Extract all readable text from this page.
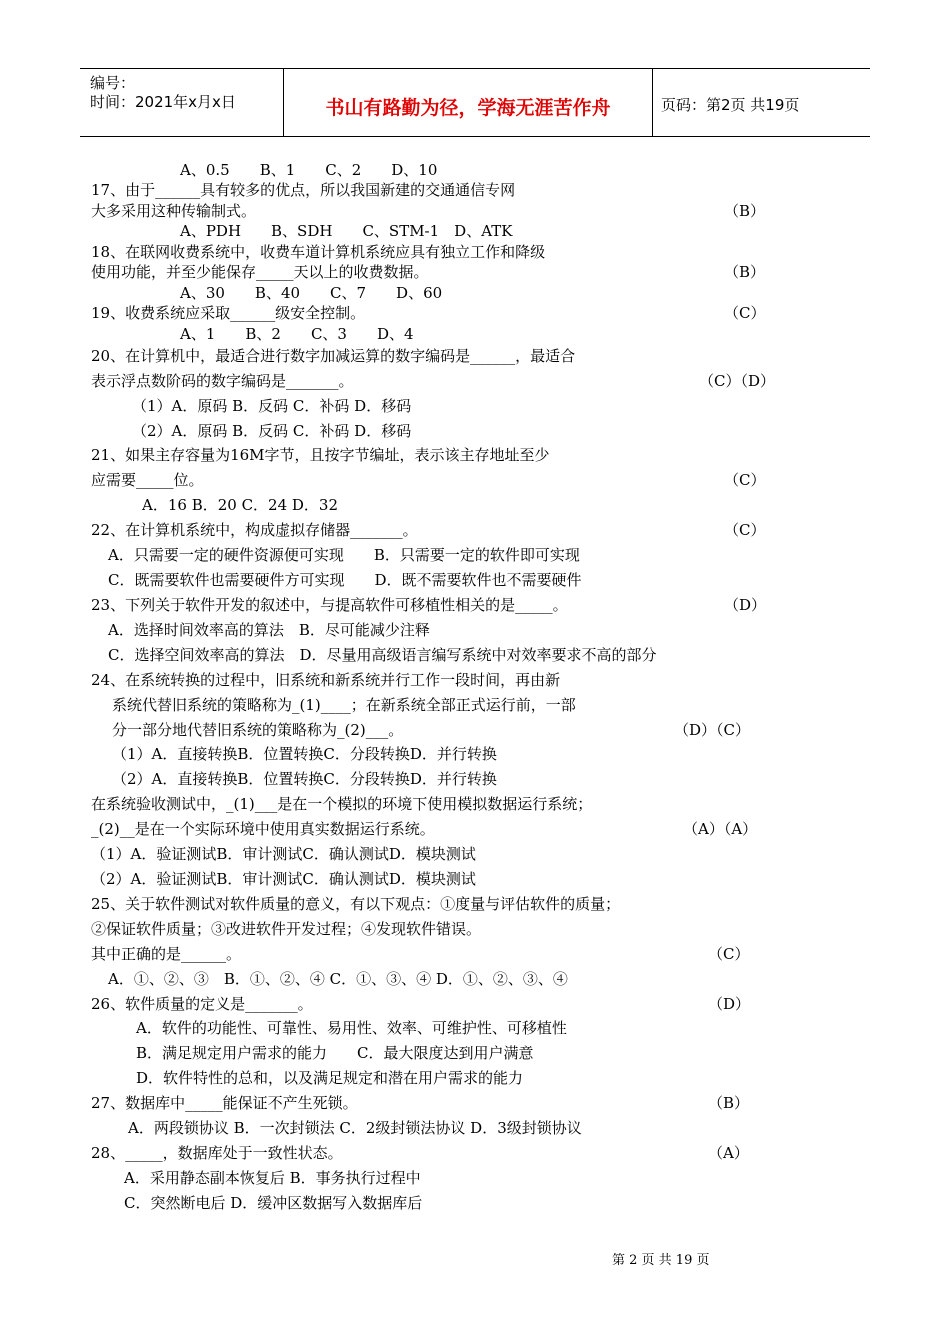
编号：
时间：2021年x月x日	书山有路勤为径，学海无涯苦作舟	页码：第2页 共19页
A、0.5　　B、1　　C、2　　D、10
17、由于______具有较多的优点，所以我国新建的交通通信专网
大多采用这种传输制式。
A、PDH　　B、SDH　　C、STM-1　D、ATK
18、在联网收费系统中，收费车道计算机系统应具有独立工作和降级
使用功能，并至少能保存_____天以上的收费数据。
A、30　　B、40　　C、7　　D、60
19、收费系统应采取______级安全控制。
A、1　　B、2　　C、3　　D、4
20、在计算机中，最适合进行数字加减运算的数字编码是______，最适合
表示浮点数阶码的数字编码是_______。
（1）A．原码 B．反码 C．补码 D．移码
（2）A．原码 B．反码 C．补码 D．移码
21、如果主存容量为16M字节，且按字节编址，表示该主存地址至少
应需要_____位。
A．16 B．20 C．24 D．32
22、在计算机系统中，构成虚拟存储器_______。
A．只需要一定的硬件资源便可实现　　B．只需要一定的软件即可实现
C．既需要软件也需要硬件方可实现　　D．既不需要软件也不需要硬件
23、下列关于软件开发的叙述中，与提高软件可移植性相关的是_____。
A．选择时间效率高的算法　B．尽可能减少注释
C．选择空间效率高的算法　D．尽量用高级语言编写系统中对效率要求不高的部分
24、在系统转换的过程中，旧系统和新系统并行工作一段时间，再由新
系统代替旧系统的策略称为_(1)____；在新系统全部正式运行前，一部
分一部分地代替旧系统的策略称为_(2)___。
（1）A．直接转换B．位置转换C．分段转换D．并行转换
（2）A．直接转换B．位置转换C．分段转换D．并行转换
在系统验收测试中，_(1)___是在一个模拟的环境下使用模拟数据运行系统；
_(2)__是在一个实际环境中使用真实数据运行系统。
（1）A．验证测试B．审计测试C．确认测试D．模块测试
（2）A．验证测试B．审计测试C．确认测试D．模块测试
25、关于软件测试对软件质量的意义，有以下观点：①度量与评估软件的质量；
②保证软件质量；③改进软件开发过程；④发现软件错误。
其中正确的是______。
A．①、②、③　B．①、②、④ C．①、③、④ D．①、②、③、④
26、软件质量的定义是_______。
A．软件的功能性、可靠性、易用性、效率、可维护性、可移植性
B．满足规定用户需求的能力　　C．最大限度达到用户满意
D．软件特性的总和，以及满足规定和潜在用户需求的能力
27、数据库中_____能保证不产生死锁。
A．两段锁协议 B．一次封锁法 C．2级封锁法协议 D．3级封锁协议
28、_____，数据库处于一致性状态。
A．采用静态副本恢复后 B．事务执行过程中
C．突然断电后 D．缓冲区数据写入数据库后
（B）
（B）
（C）
（C）（D）
（C）
（C）
（D）
（D）（C）
（A）（A）
（C）
（D）
（B）
（A）
第 2 页 共 19 页
